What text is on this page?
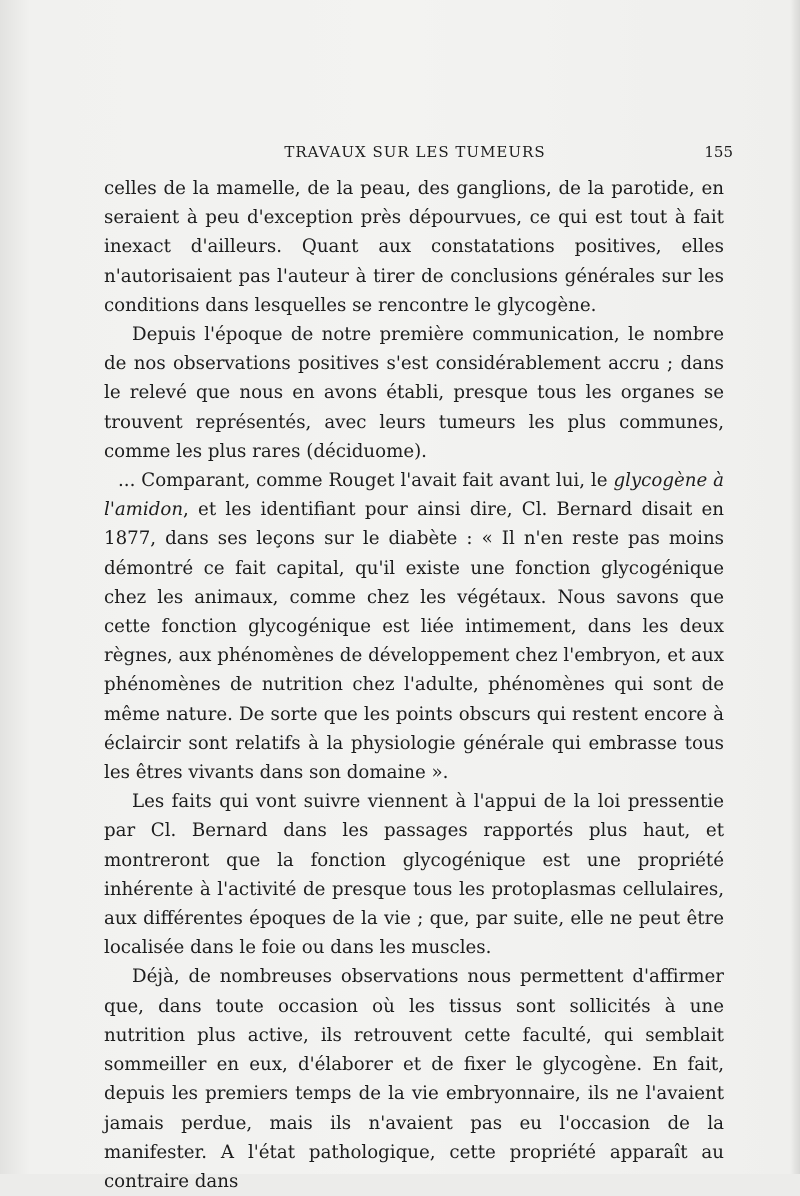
TRAVAUX SUR LES TUMEURS	155

celles de la mamelle, de la peau, des ganglions, de la parotide, en seraient à peu d'exception près dépourvues, ce qui est tout à fait inexact d'ailleurs. Quant aux constatations positives, elles n'autorisaient pas l'auteur à tirer de conclusions générales sur les conditions dans lesquelles se rencontre le glycogène.

Depuis l'époque de notre première communication, le nombre de nos observations positives s'est considérablement accru ; dans le relevé que nous en avons établi, presque tous les organes se trouvent représentés, avec leurs tumeurs les plus communes, comme les plus rares (déciduome).

... Comparant, comme Rouget l'avait fait avant lui, le glycogène à l'amidon, et les identifiant pour ainsi dire, Cl. Bernard disait en 1877, dans ses leçons sur le diabète : « Il n'en reste pas moins démontré ce fait capital, qu'il existe une fonction glycogénique chez les animaux, comme chez les végétaux. Nous savons que cette fonction glycogénique est liée intimement, dans les deux règnes, aux phénomènes de développement chez l'embryon, et aux phénomènes de nutrition chez l'adulte, phénomènes qui sont de même nature. De sorte que les points obscurs qui restent encore à éclaircir sont relatifs à la physiologie générale qui embrasse tous les êtres vivants dans son domaine ».

Les faits qui vont suivre viennent à l'appui de la loi pressentie par Cl. Bernard dans les passages rapportés plus haut, et montreront que la fonction glycogénique est une propriété inhérente à l'activité de presque tous les protoplasmas cellulaires, aux différentes époques de la vie ; que, par suite, elle ne peut être localisée dans le foie ou dans les muscles.

Déjà, de nombreuses observations nous permettent d'affirmer que, dans toute occasion où les tissus sont sollicités à une nutrition plus active, ils retrouvent cette faculté, qui semblait sommeiller en eux, d'élaborer et de fixer le glycogène. En fait, depuis les premiers temps de la vie embryonnaire, ils ne l'avaient jamais perdue, mais ils n'avaient pas eu l'occasion de la manifester. A l'état pathologique, cette propriété apparaît au contraire dans
